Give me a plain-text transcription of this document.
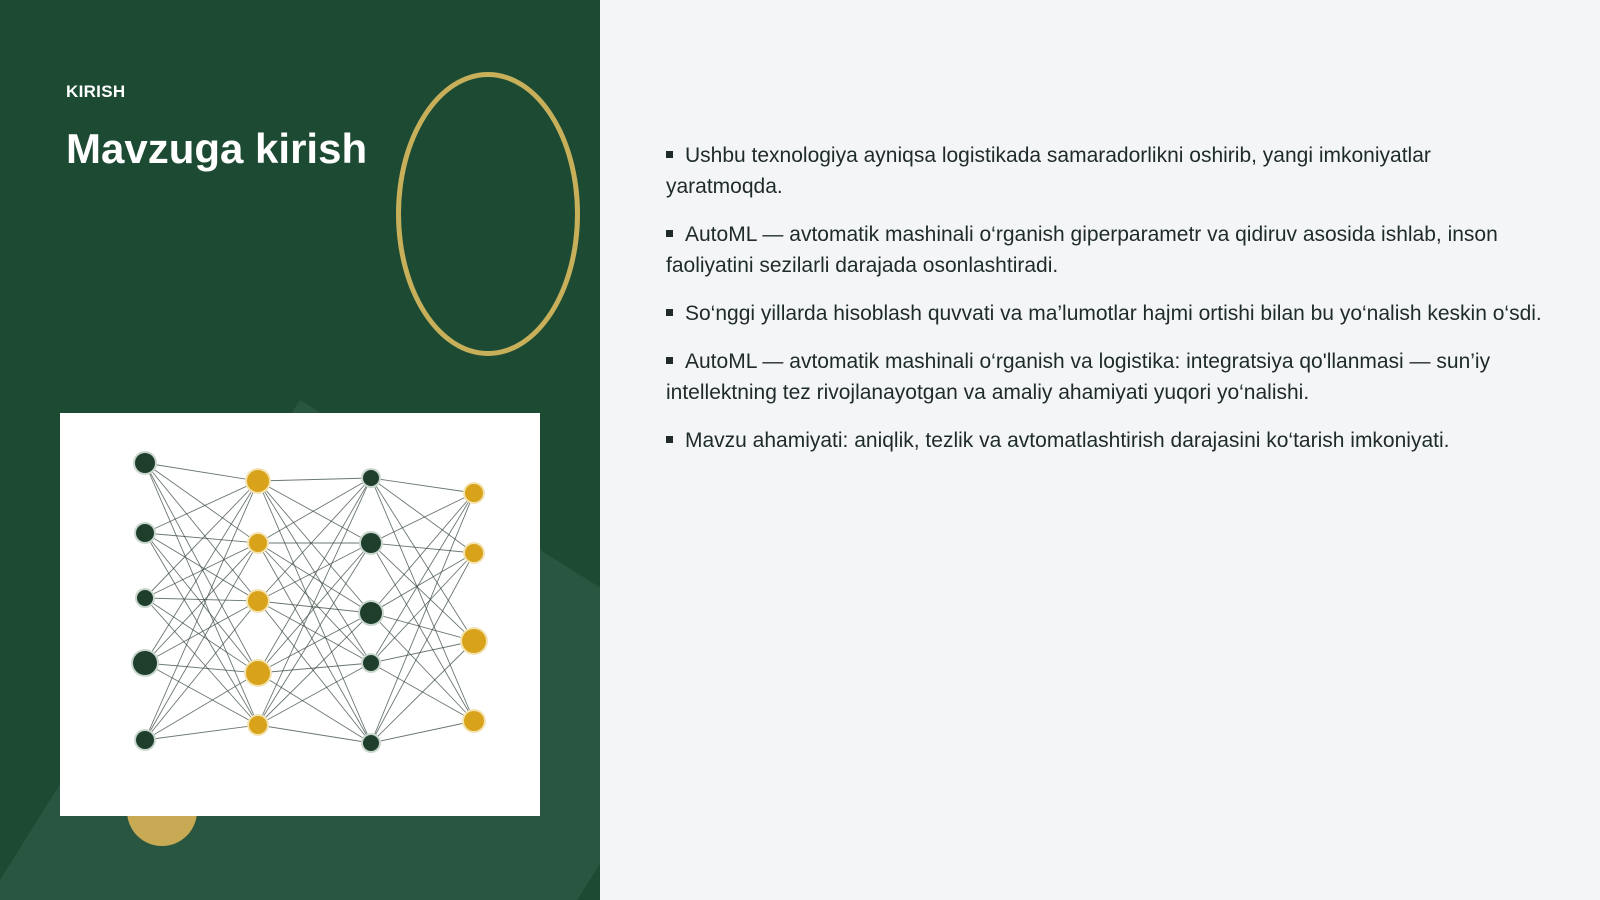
KIRISH
Mavzuga kirish	Ushbu texnologiya ayniqsa logistikada samaradorlikni oshirib, yangi imkoniyatlar yaratmoqda.
AutoML — avtomatik mashinali o‘rganish giperparametr va qidiruv asosida ishlab, inson faoliyatini sezilarli darajada osonlashtiradi.
So‘nggi yillarda hisoblash quvvati va ma’lumotlar hajmi ortishi bilan bu yo‘nalish keskin o‘sdi.
AutoML — avtomatik mashinali o‘rganish va logistika: integratsiya qo'llanmasi — sun’iy intellektning tez rivojlanayotgan va amaliy ahamiyati yuqori yo‘nalishi.
Mavzu ahamiyati: aniqlik, tezlik va avtomatlashtirish darajasini ko‘tarish imkoniyati.
